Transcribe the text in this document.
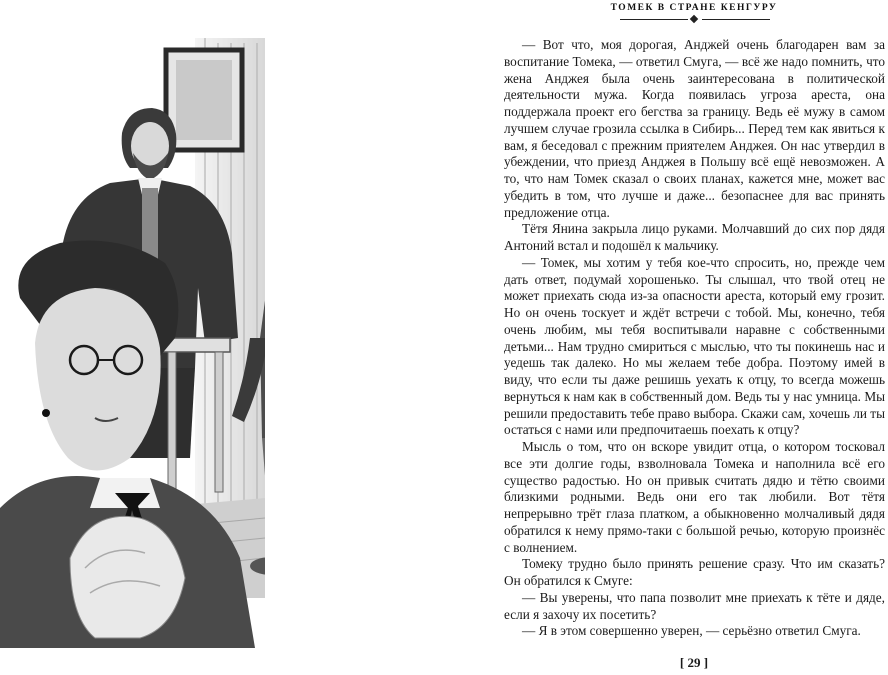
ТОМЕК В СТРАНЕ КЕНГУРУ

— Вот что, моя дорогая, Анджей очень благодарен вам за воспитание Томека, — ответил Смуга, — всё же надо помнить, что жена Анджея была очень заинтересована в политической деятельности мужа. Когда появилась угроза ареста, она поддержала проект его бегства за границу. Ведь её мужу в самом лучшем случае грозила ссылка в Сибирь... Перед тем как явиться к вам, я беседовал с прежним приятелем Анджея. Он нас утвердил в убеждении, что приезд Анджея в Польшу всё ещё невозможен. А то, что нам Томек сказал о своих планах, кажется мне, может вас убедить в том, что лучше и даже... безопаснее для вас принять предложение отца.

Тётя Янина закрыла лицо руками. Молчавший до сих пор дядя Антоний встал и подошёл к мальчику.

— Томек, мы хотим у тебя кое-что спросить, но, прежде чем дать ответ, подумай хорошенько. Ты слышал, что твой отец не может приехать сюда из-за опасности ареста, который ему грозит. Но он очень тоскует и ждёт встречи с тобой. Мы, конечно, тебя очень любим, мы тебя воспитывали наравне с собственными детьми... Нам трудно смириться с мыслью, что ты покинешь нас и уедешь так далеко. Но мы желаем тебе добра. Поэтому имей в виду, что если ты даже решишь уехать к отцу, то всегда можешь вернуться к нам как в собственный дом. Ведь ты у нас умница. Мы решили предоставить тебе право выбора. Скажи сам, хочешь ли ты остаться с нами или предпочитаешь поехать к отцу?

Мысль о том, что он вскоре увидит отца, о котором тосковал все эти долгие годы, взволновала Томека и наполнила всё его существо радостью. Но он привык считать дядю и тётю своими близкими родными. Ведь они его так любили. Вот тётя непрерывно трёт глаза платком, а обыкновенно молчаливый дядя обратился к нему прямо-таки с большой речью, которую произнёс с волнением.

Томеку трудно было принять решение сразу. Что им сказать? Он обратился к Смуге:

— Вы уверены, что папа позволит мне приехать к тёте и дяде, если я захочу их посетить?

— Я в этом совершенно уверен, — серьёзно ответил Смуга.

[ 29 ]
